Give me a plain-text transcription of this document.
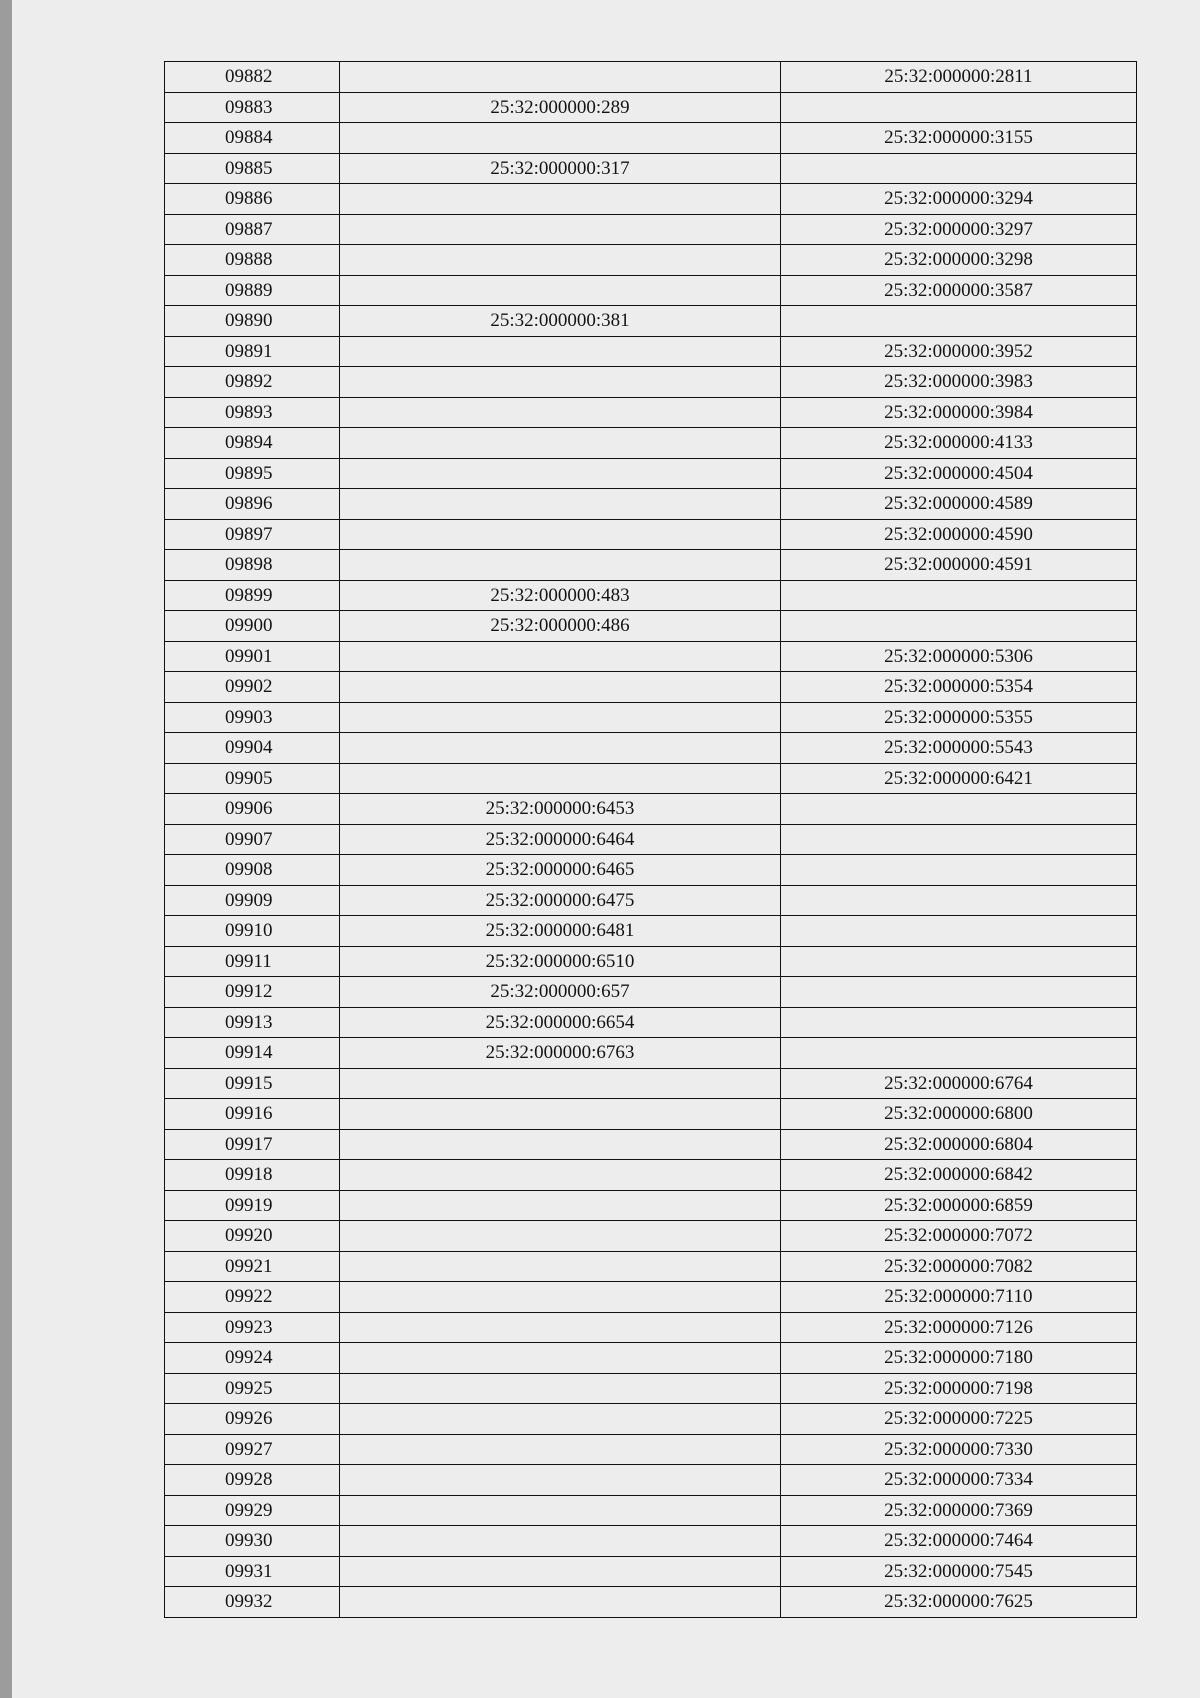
09882		25:32:000000:2811
09883	25:32:000000:289	
09884		25:32:000000:3155
09885	25:32:000000:317	
09886		25:32:000000:3294
09887		25:32:000000:3297
09888		25:32:000000:3298
09889		25:32:000000:3587
09890	25:32:000000:381	
09891		25:32:000000:3952
09892		25:32:000000:3983
09893		25:32:000000:3984
09894		25:32:000000:4133
09895		25:32:000000:4504
09896		25:32:000000:4589
09897		25:32:000000:4590
09898		25:32:000000:4591
09899	25:32:000000:483	
09900	25:32:000000:486	
09901		25:32:000000:5306
09902		25:32:000000:5354
09903		25:32:000000:5355
09904		25:32:000000:5543
09905		25:32:000000:6421
09906	25:32:000000:6453	
09907	25:32:000000:6464	
09908	25:32:000000:6465	
09909	25:32:000000:6475	
09910	25:32:000000:6481	
09911	25:32:000000:6510	
09912	25:32:000000:657	
09913	25:32:000000:6654	
09914	25:32:000000:6763	
09915		25:32:000000:6764
09916		25:32:000000:6800
09917		25:32:000000:6804
09918		25:32:000000:6842
09919		25:32:000000:6859
09920		25:32:000000:7072
09921		25:32:000000:7082
09922		25:32:000000:7110
09923		25:32:000000:7126
09924		25:32:000000:7180
09925		25:32:000000:7198
09926		25:32:000000:7225
09927		25:32:000000:7330
09928		25:32:000000:7334
09929		25:32:000000:7369
09930		25:32:000000:7464
09931		25:32:000000:7545
09932		25:32:000000:7625
